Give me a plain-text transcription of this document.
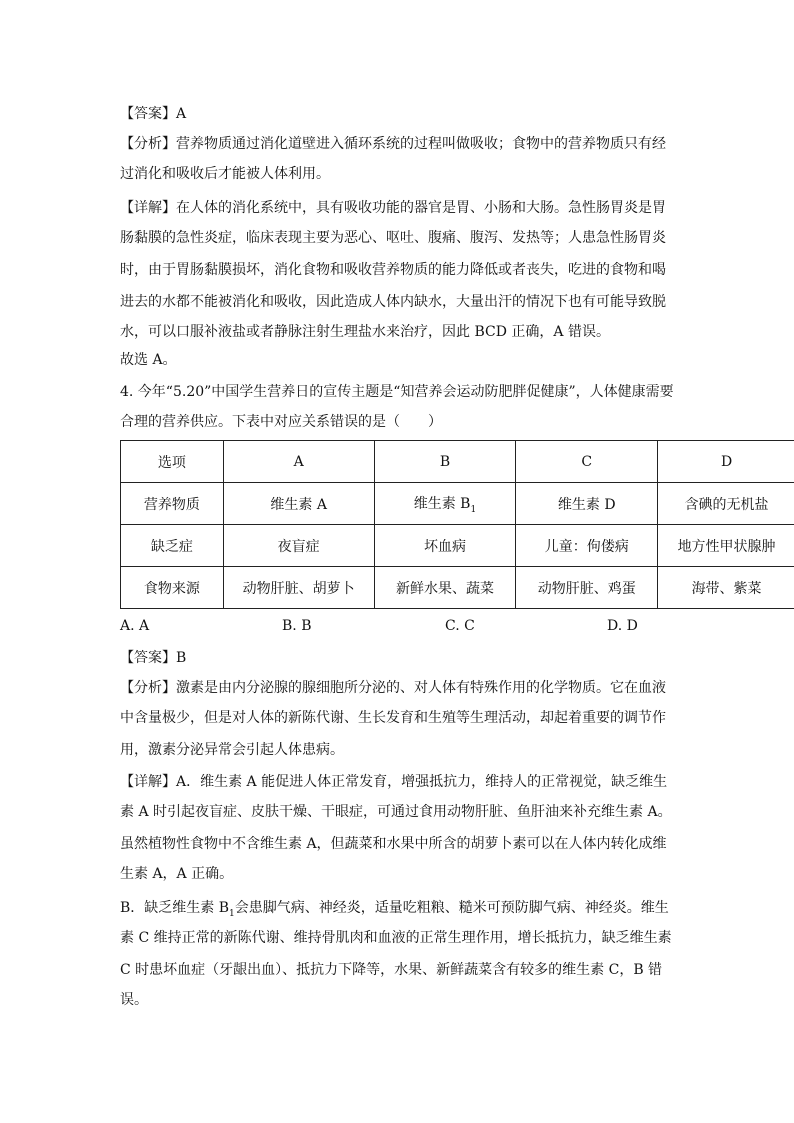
【答案】A
【分析】营养物质通过消化道壁进入循环系统的过程叫做吸收；食物中的营养物质只有经
过消化和吸收后才能被人体利用。
【详解】在人体的消化系统中，具有吸收功能的器官是胃、小肠和大肠。急性肠胃炎是胃
肠黏膜的急性炎症，临床表现主要为恶心、呕吐、腹痛、腹泻、发热等；人患急性肠胃炎
时，由于胃肠黏膜损坏，消化食物和吸收营养物质的能力降低或者丧失，吃进的食物和喝
进去的水都不能被消化和吸收，因此造成人体内缺水，大量出汗的情况下也有可能导致脱
水，可以口服补液盐或者静脉注射生理盐水来治疗，因此 BCD 正确，A 错误。
故选 A。
4. 今年“5.20”中国学生营养日的宣传主题是“知营养会运动防肥胖促健康”，人体健康需要
合理的营养供应。下表中对应关系错误的是（　　）
选项	A	B	C	D
营养物质	维生素 A	维生素 $B_1$	维生素 D	含碘的无机盐
缺乏症	夜盲症	坏血病	儿童：佝偻病	地方性甲状腺肿
食物来源	动物肝脏、胡萝卜	新鲜水果、蔬菜	动物肝脏、鸡蛋	海带、紫菜
A. A	B. B	C. C	D. D
【答案】B
【分析】激素是由内分泌腺的腺细胞所分泌的、对人体有特殊作用的化学物质。它在血液
中含量极少，但是对人体的新陈代谢、生长发育和生殖等生理活动，却起着重要的调节作
用，激素分泌异常会引起人体患病。
【详解】A．维生素 A 能促进人体正常发育，增强抵抗力，维持人的正常视觉，缺乏维生
素 A 时引起夜盲症、皮肤干燥、干眼症，可通过食用动物肝脏、鱼肝油来补充维生素 A。
虽然植物性食物中不含维生素 A，但蔬菜和水果中所含的胡萝卜素可以在人体内转化成维
生素 A，A 正确。
B．缺乏维生素 $B_1$会患脚气病、神经炎，适量吃粗粮、糙米可预防脚气病、神经炎。维生
素 C 维持正常的新陈代谢、维持骨肌肉和血液的正常生理作用，增长抵抗力，缺乏维生素
C 时患坏血症（牙龈出血）、抵抗力下降等，水果、新鲜蔬菜含有较多的维生素 C，B 错
误。
